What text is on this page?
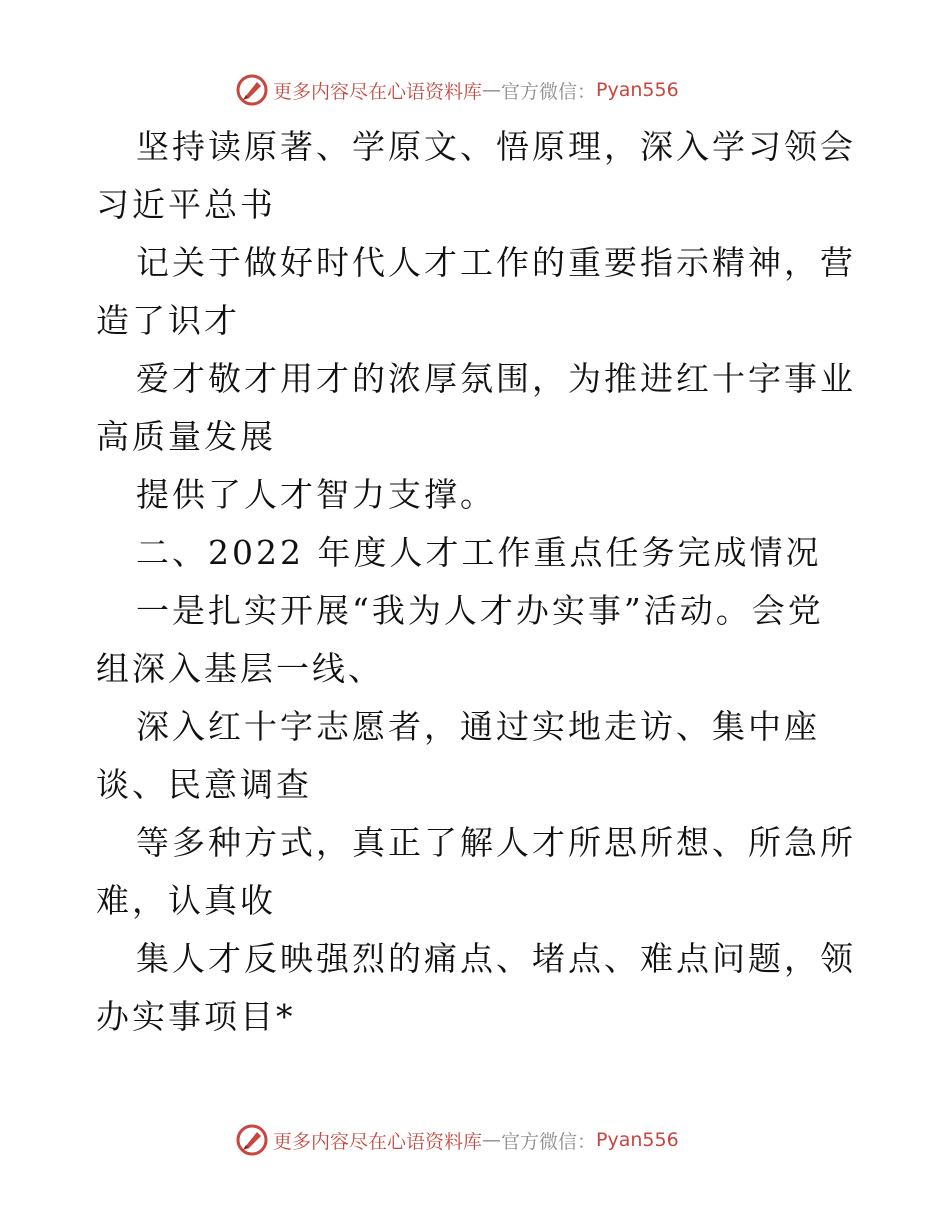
更多内容尽在心语资料库 — 官方微信： Pyan556

坚持读原著、学原文、悟原理，深入学习领会习近平总书

记关于做好时代人才工作的重要指示精神，营造了识才

爱才敬才用才的浓厚氛围，为推进红十字事业高质量发展

提供了人才智力支撑。

二、2022 年度人才工作重点任务完成情况

一是扎实开展“我为人才办实事”活动。会党组深入基层一线、

深入红十字志愿者，通过实地走访、集中座谈、民意调查

等多种方式，真正了解人才所思所想、所急所难，认真收

集人才反映强烈的痛点、堵点、难点问题，领办实事项目*

更多内容尽在心语资料库 — 官方微信： Pyan556
